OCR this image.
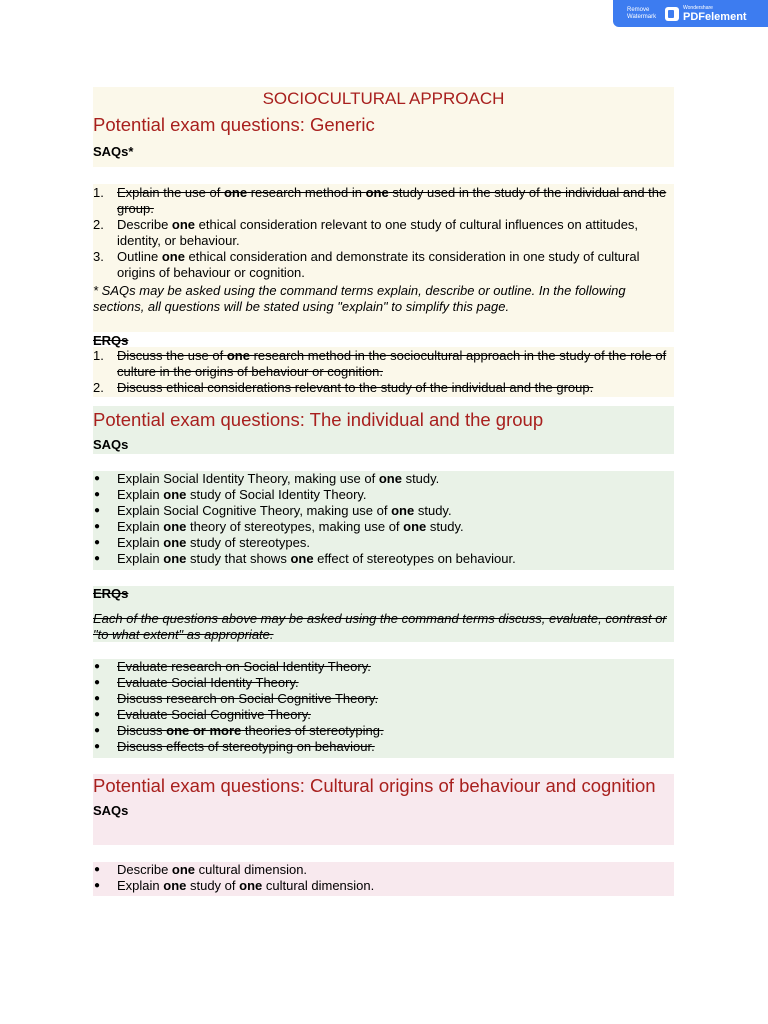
Remove Watermark
Wondershare
PDFelement
SOCIOCULTURAL APPROACH
Potential exam questions: Generic
SAQs*
1. Explain the use of one research method in one study used in the study of the individual and the group.
2. Describe one ethical consideration relevant to one study of cultural influences on attitudes, identity, or behaviour.
3. Outline one ethical consideration and demonstrate its consideration in one study of cultural origins of behaviour or cognition.
* SAQs may be asked using the command terms explain, describe or outline. In the following sections, all questions will be stated using "explain" to simplify this page.
ERQs
1. Discuss the use of one research method in the sociocultural approach in the study of the role of culture in the origins of behaviour or cognition.
2. Discuss ethical considerations relevant to the study of the individual and the group.
Potential exam questions: The individual and the group
SAQs
● Explain Social Identity Theory, making use of one study.
● Explain one study of Social Identity Theory.
● Explain Social Cognitive Theory, making use of one study.
● Explain one theory of stereotypes, making use of one study.
● Explain one study of stereotypes.
● Explain one study that shows one effect of stereotypes on behaviour.
ERQs
Each of the questions above may be asked using the command terms discuss, evaluate, contrast or "to what extent" as appropriate.
● Evaluate research on Social Identity Theory.
● Evaluate Social Identity Theory.
● Discuss research on Social Cognitive Theory.
● Evaluate Social Cognitive Theory.
● Discuss one or more theories of stereotyping.
● Discuss effects of stereotyping on behaviour.
Potential exam questions: Cultural origins of behaviour and cognition
SAQs
● Describe one cultural dimension.
● Explain one study of one cultural dimension.
